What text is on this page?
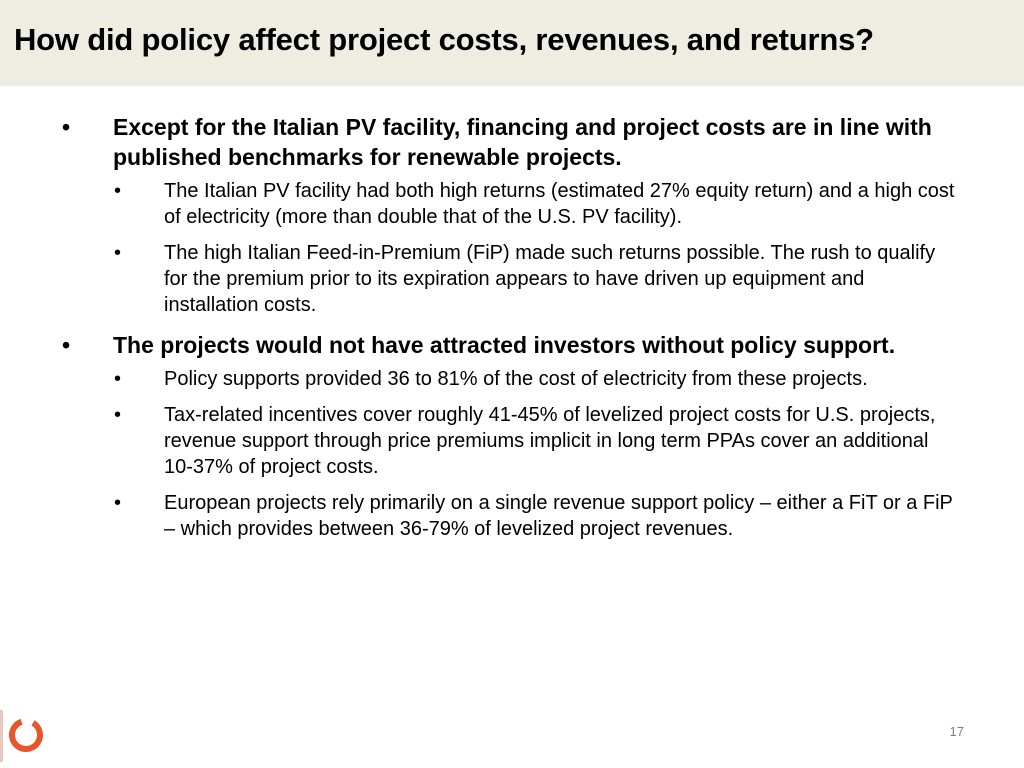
How did policy affect project costs, revenues, and returns?
• Except for the Italian PV facility, financing and project costs are in line with published benchmarks for renewable projects.
• The Italian PV facility had both high returns (estimated 27% equity return) and a high cost of electricity (more than double that of the U.S. PV facility).
• The high Italian Feed-in-Premium (FiP) made such returns possible. The rush to qualify for the premium prior to its expiration appears to have driven up equipment and installation costs.
• The projects would not have attracted investors without policy support.
• Policy supports provided 36 to 81% of the cost of electricity from these projects.
• Tax-related incentives cover roughly 41-45% of levelized project costs for U.S. projects, revenue support through price premiums implicit in long term PPAs cover an additional 10-37% of project costs.
• European projects rely primarily on a single revenue support policy – either a FiT or a FiP – which provides between 36-79% of levelized project revenues.
17
